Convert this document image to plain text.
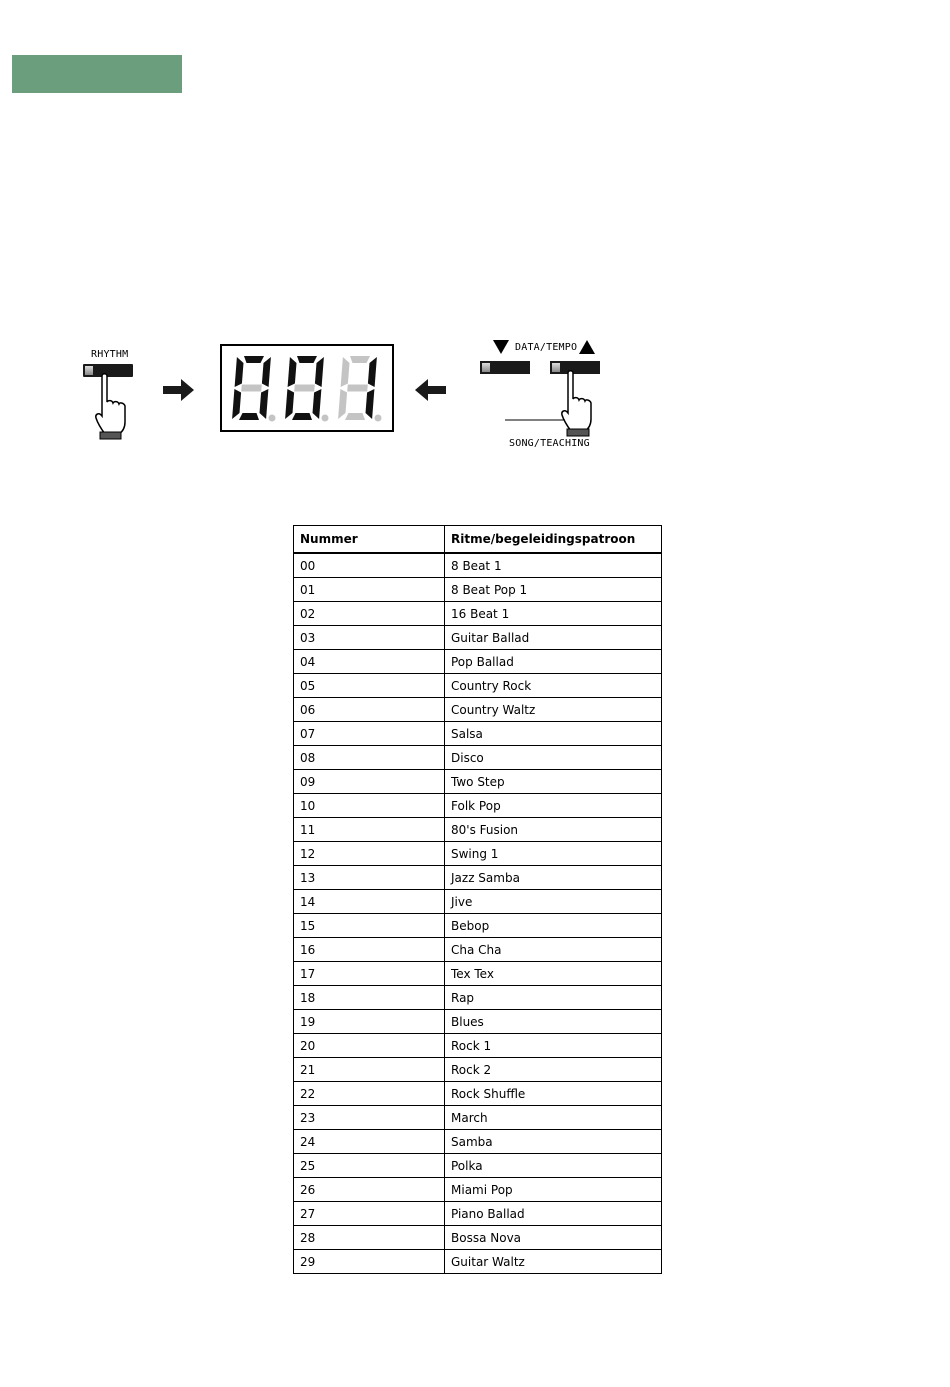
RHYTHM
DATA/TEMPO
SONG/TEACHING
Nummer	Ritme/begeleidingspatroon
00	8 Beat 1
01	8 Beat Pop 1
02	16 Beat 1
03	Guitar Ballad
04	Pop Ballad
05	Country Rock
06	Country Waltz
07	Salsa
08	Disco
09	Two Step
10	Folk Pop
11	80's Fusion
12	Swing 1
13	Jazz Samba
14	Jive
15	Bebop
16	Cha Cha
17	Tex Tex
18	Rap
19	Blues
20	Rock 1
21	Rock 2
22	Rock Shuffle
23	March
24	Samba
25	Polka
26	Miami Pop
27	Piano Ballad
28	Bossa Nova
29	Guitar Waltz
